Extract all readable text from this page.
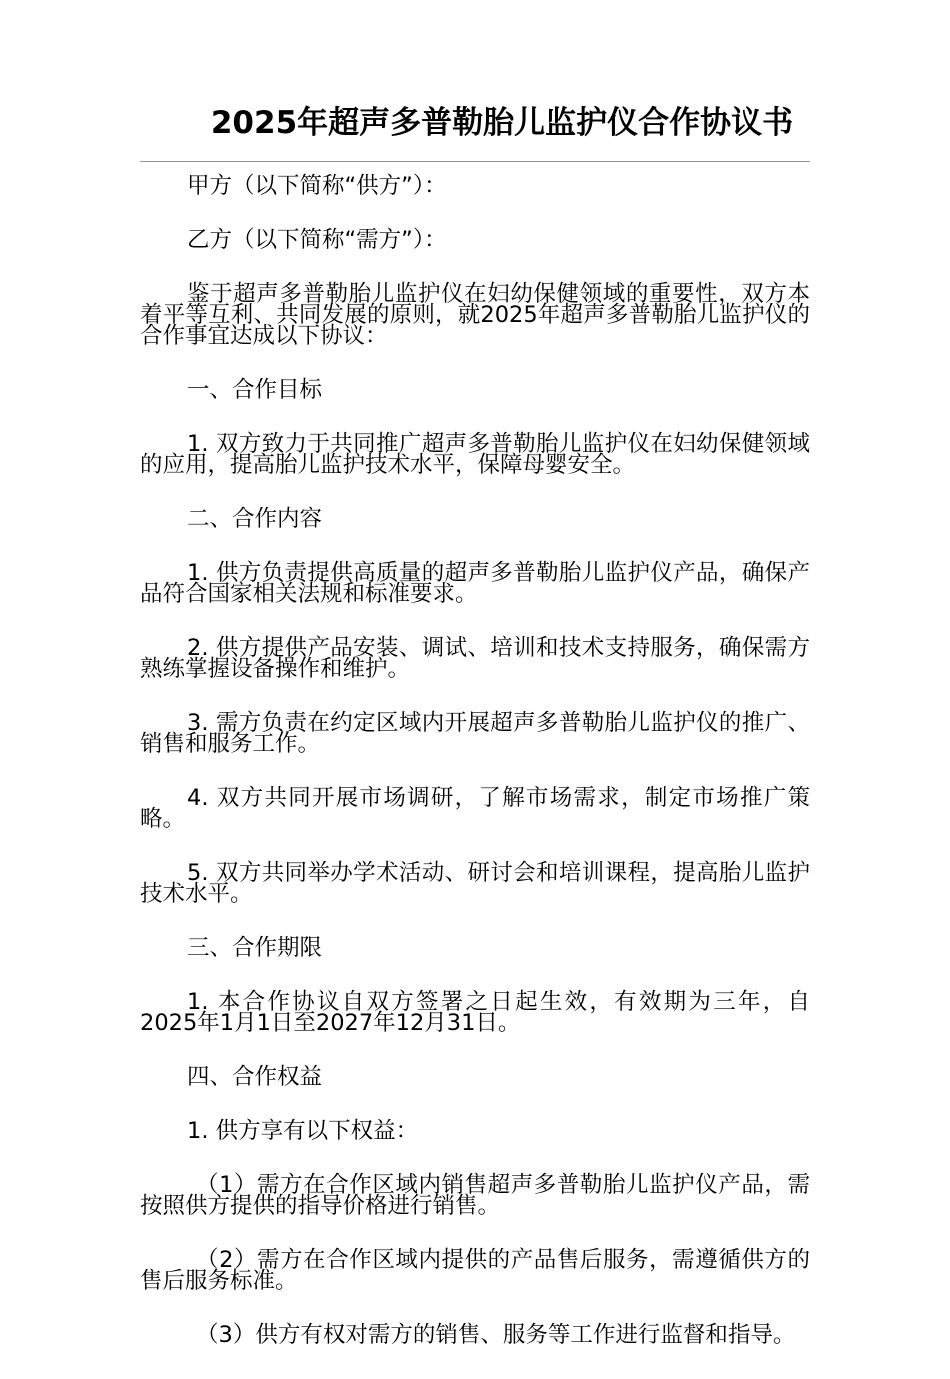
2025年超声多普勒胎儿监护仪合作协议书

甲方（以下简称“供方”）：

乙方（以下简称“需方”）：

鉴于超声多普勒胎儿监护仪在妇幼保健领域的重要性，双方本着平等互利、共同发展的原则，就2025年超声多普勒胎儿监护仪的合作事宜达成以下协议：

一、合作目标

1. 双方致力于共同推广超声多普勒胎儿监护仪在妇幼保健领域的应用，提高胎儿监护技术水平，保障母婴安全。

二、合作内容

1. 供方负责提供高质量的超声多普勒胎儿监护仪产品，确保产品符合国家相关法规和标准要求。

2. 供方提供产品安装、调试、培训和技术支持服务，确保需方熟练掌握设备操作和维护。

3. 需方负责在约定区域内开展超声多普勒胎儿监护仪的推广、销售和服务工作。

4. 双方共同开展市场调研，了解市场需求，制定市场推广策略。

5. 双方共同举办学术活动、研讨会和培训课程，提高胎儿监护技术水平。

三、合作期限

1. 本合作协议自双方签署之日起生效，有效期为三年，自2025年1月1日至2027年12月31日。

四、合作权益

1. 供方享有以下权益：

（1）需方在合作区域内销售超声多普勒胎儿监护仪产品，需按照供方提供的指导价格进行销售。

（2）需方在合作区域内提供的产品售后服务，需遵循供方的售后服务标准。

（3）供方有权对需方的销售、服务等工作进行监督和指导。
